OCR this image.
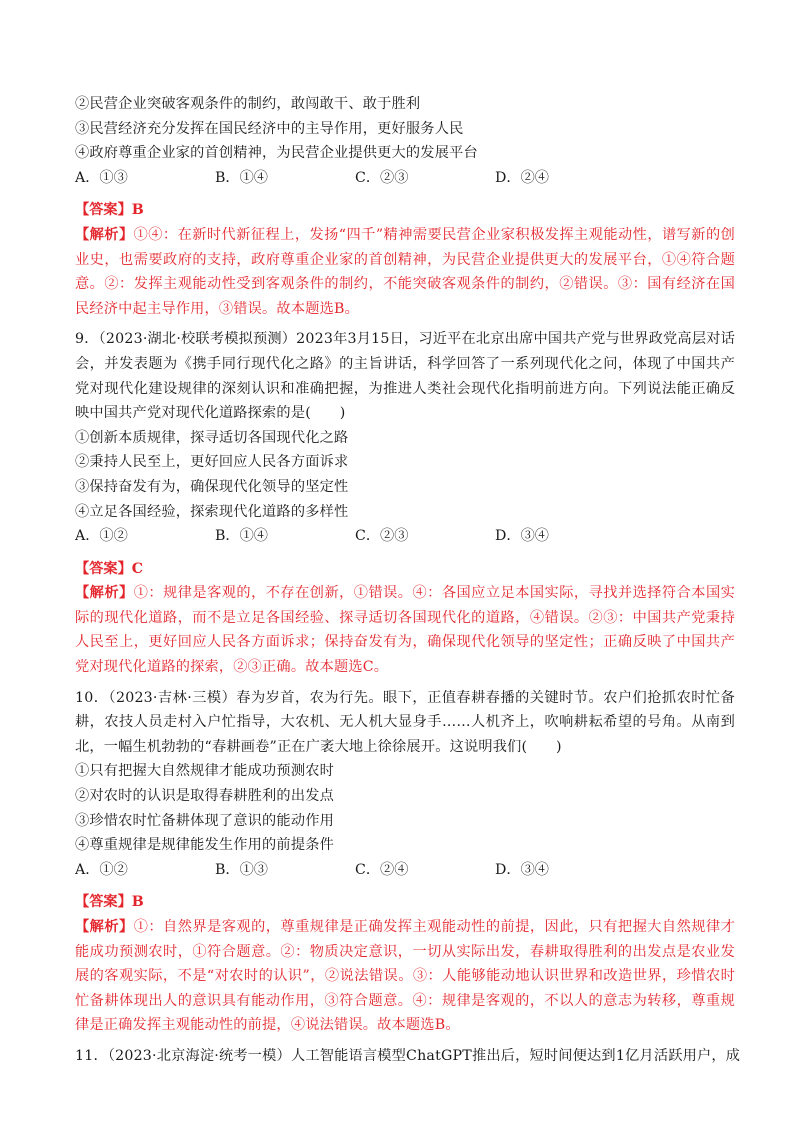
②民营企业突破客观条件的制约，敢闯敢干、敢于胜利
③民营经济充分发挥在国民经济中的主导作用，更好服务人民
④政府尊重企业家的首创精神，为民营企业提供更大的发展平台
A．①③	B．①④	C．②③	D．②④
【答案】B
【解析】①④：在新时代新征程上，发扬“四千”精神需要民营企业家积极发挥主观能动性，谱写新的创业史，也需要政府的支持，政府尊重企业家的首创精神，为民营企业提供更大的发展平台，①④符合题意。②：发挥主观能动性受到客观条件的制约，不能突破客观条件的制约，②错误。③：国有经济在国民经济中起主导作用，③错误。故本题选B。
9．（2023·湖北·校联考模拟预测）2023年3月15日，习近平在北京出席中国共产党与世界政党高层对话会，并发表题为《携手同行现代化之路》的主旨讲话，科学回答了一系列现代化之问，体现了中国共产党对现代化建设规律的深刻认识和准确把握，为推进人类社会现代化指明前进方向。下列说法能正确反映中国共产党对现代化道路探索的是(　　)
①创新本质规律，探寻适切各国现代化之路
②秉持人民至上，更好回应人民各方面诉求
③保持奋发有为，确保现代化领导的坚定性
④立足各国经验，探索现代化道路的多样性
A．①②	B．①④	C．②③	D．③④
【答案】C
【解析】①：规律是客观的，不存在创新，①错误。④：各国应立足本国实际，寻找并选择符合本国实际的现代化道路，而不是立足各国经验、探寻适切各国现代化的道路，④错误。②③：中国共产党秉持人民至上，更好回应人民各方面诉求；保持奋发有为，确保现代化领导的坚定性；正确反映了中国共产党对现代化道路的探索，②③正确。故本题选C。
10．（2023·吉林·三模）春为岁首，农为行先。眼下，正值春耕春播的关键时节。农户们抢抓农时忙备耕，农技人员走村入户忙指导，大农机、无人机大显身手……人机齐上，吹响耕耘希望的号角。从南到北，一幅生机勃勃的“春耕画卷”正在广袤大地上徐徐展开。这说明我们(　　)
①只有把握大自然规律才能成功预测农时
②对农时的认识是取得春耕胜利的出发点
③珍惜农时忙备耕体现了意识的能动作用
④尊重规律是规律能发生作用的前提条件
A．①②	B．①③	C．②④	D．③④
【答案】B
【解析】①：自然界是客观的，尊重规律是正确发挥主观能动性的前提，因此，只有把握大自然规律才能成功预测农时，①符合题意。②：物质决定意识，一切从实际出发，春耕取得胜利的出发点是农业发展的客观实际，不是“对农时的认识”，②说法错误。③：人能够能动地认识世界和改造世界，珍惜农时忙备耕体现出人的意识具有能动作用，③符合题意。④：规律是客观的，不以人的意志为转移，尊重规律是正确发挥主观能动性的前提，④说法错误。故本题选B。
11．（2023·北京海淀·统考一模）人工智能语言模型ChatGPT推出后，短时间便达到1亿月活跃用户，成
